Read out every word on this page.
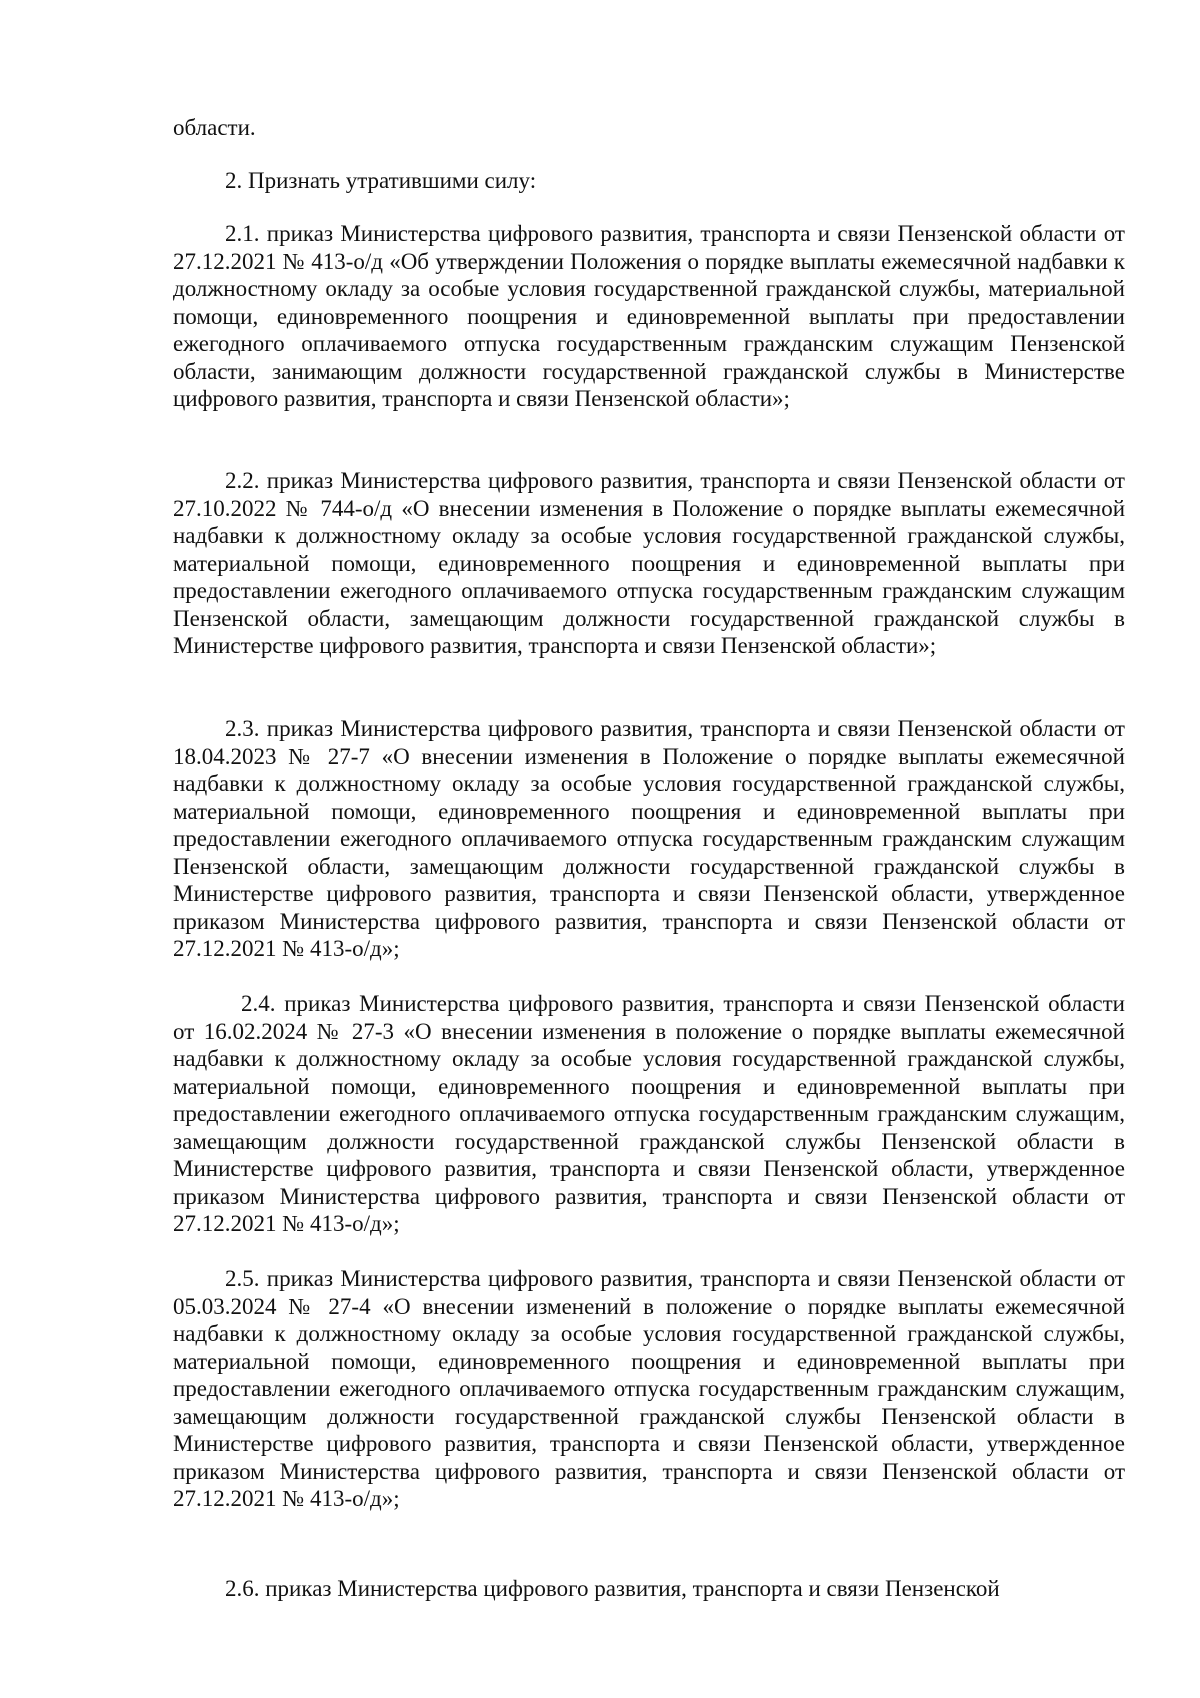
области.

2. Признать утратившими силу:

2.1. приказ Министерства цифрового развития, транспорта и связи Пензенской области от 27.12.2021 № 413-о/д «Об утверждении Положения о порядке выплаты ежемесячной надбавки к должностному окладу за особые условия государственной гражданской службы, материальной помощи, единовременного поощрения и единовременной выплаты при предоставлении ежегодного оплачиваемого отпуска государственным гражданским служащим Пензенской области, занимающим должности государственной гражданской службы в Министерстве цифрового развития, транспорта и связи Пензенской области»;

2.2. приказ Министерства цифрового развития, транспорта и связи Пензенской области от 27.10.2022 № 744-о/д «О внесении изменения в Положение о порядке выплаты ежемесячной надбавки к должностному окладу за особые условия государственной гражданской службы, материальной помощи, единовременного поощрения и единовременной выплаты при предоставлении ежегодного оплачиваемого отпуска государственным гражданским служащим Пензенской области, замещающим должности государственной гражданской службы в Министерстве цифрового развития, транспорта и связи Пензенской области»;

2.3. приказ Министерства цифрового развития, транспорта и связи Пензенской области от 18.04.2023 № 27-7 «О внесении изменения в Положение о порядке выплаты ежемесячной надбавки к должностному окладу за особые условия государственной гражданской службы, материальной помощи, единовременного поощрения и единовременной выплаты при предоставлении ежегодного оплачиваемого отпуска государственным гражданским служащим Пензенской области, замещающим должности государственной гражданской службы в Министерстве цифрового развития, транспорта и связи Пензенской области, утвержденное приказом Министерства цифрового развития, транспорта и связи Пензенской области от 27.12.2021 № 413-о/д»;

2.4. приказ Министерства цифрового развития, транспорта и связи Пензенской области от 16.02.2024 № 27-3 «О внесении изменения в положение о порядке выплаты ежемесячной надбавки к должностному окладу за особые условия государственной гражданской службы, материальной помощи, единовременного поощрения и единовременной выплаты при предоставлении ежегодного оплачиваемого отпуска государственным гражданским служащим, замещающим должности государственной гражданской службы Пензенской области в Министерстве цифрового развития, транспорта и связи Пензенской области, утвержденное приказом Министерства цифрового развития, транспорта и связи Пензенской области от 27.12.2021 № 413-о/д»;

2.5. приказ Министерства цифрового развития, транспорта и связи Пензенской области от 05.03.2024 № 27-4 «О внесении изменений в положение о порядке выплаты ежемесячной надбавки к должностному окладу за особые условия государственной гражданской службы, материальной помощи, единовременного поощрения и единовременной выплаты при предоставлении ежегодного оплачиваемого отпуска государственным гражданским служащим, замещающим должности государственной гражданской службы Пензенской области в Министерстве цифрового развития, транспорта и связи Пензенской области, утвержденное приказом Министерства цифрового развития, транспорта и связи Пензенской области от 27.12.2021 № 413-о/д»;

2.6. приказ Министерства цифрового развития, транспорта и связи Пензенской
